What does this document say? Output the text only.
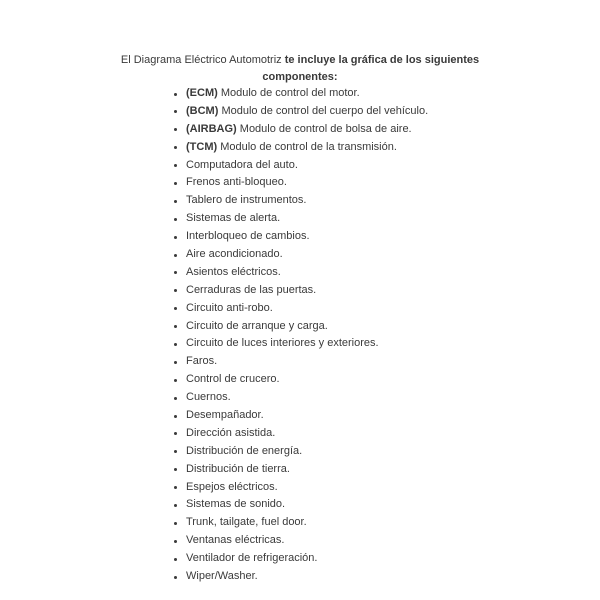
El Diagrama Eléctrico Automotriz te incluye la gráfica de los siguientes componentes:

(ECM) Modulo de control del motor.
(BCM) Modulo de control del cuerpo del vehículo.
(AIRBAG) Modulo de control de bolsa de aire.
(TCM) Modulo de control de la transmisión.
Computadora del auto.
Frenos anti-bloqueo.
Tablero de instrumentos.
Sistemas de alerta.
Interbloqueo de cambios.
Aire acondicionado.
Asientos eléctricos.
Cerraduras de las puertas.
Circuito anti-robo.
Circuito de arranque y carga.
Circuito de luces interiores y exteriores.
Faros.
Control de crucero.
Cuernos.
Desempañador.
Dirección asistida.
Distribución de energía.
Distribución de tierra.
Espejos eléctricos.
Sistemas de sonido.
Trunk, tailgate, fuel door.
Ventanas eléctricas.
Ventilador de refrigeración.
Wiper/Washer.
